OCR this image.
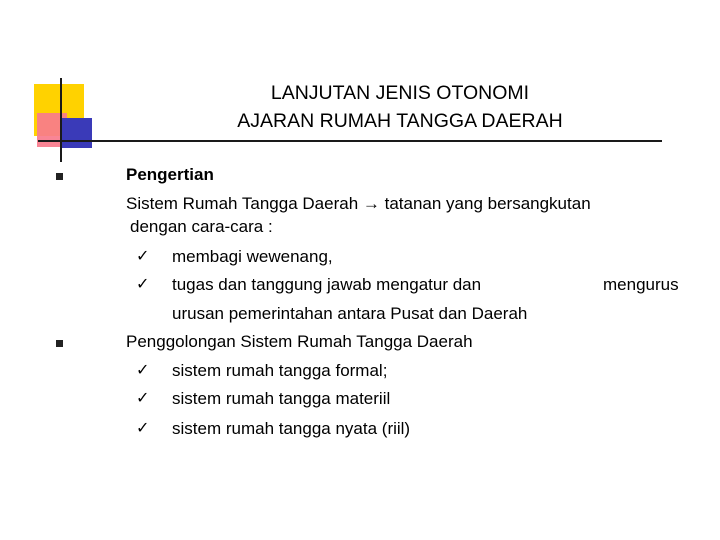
LANJUTAN JENIS OTONOMI
AJARAN RUMAH TANGGA DAERAH
Pengertian
Sistem Rumah Tangga Daerah → tatanan yang bersangkutan
dengan cara-cara :
✓ membagi wewenang,
✓ tugas dan tanggung jawab mengatur dan	mengurus
urusan pemerintahan antara Pusat dan Daerah
Penggolongan Sistem Rumah Tangga Daerah
✓ sistem rumah tangga formal;
✓ sistem rumah tangga materiil
✓ sistem rumah tangga nyata (riil)
